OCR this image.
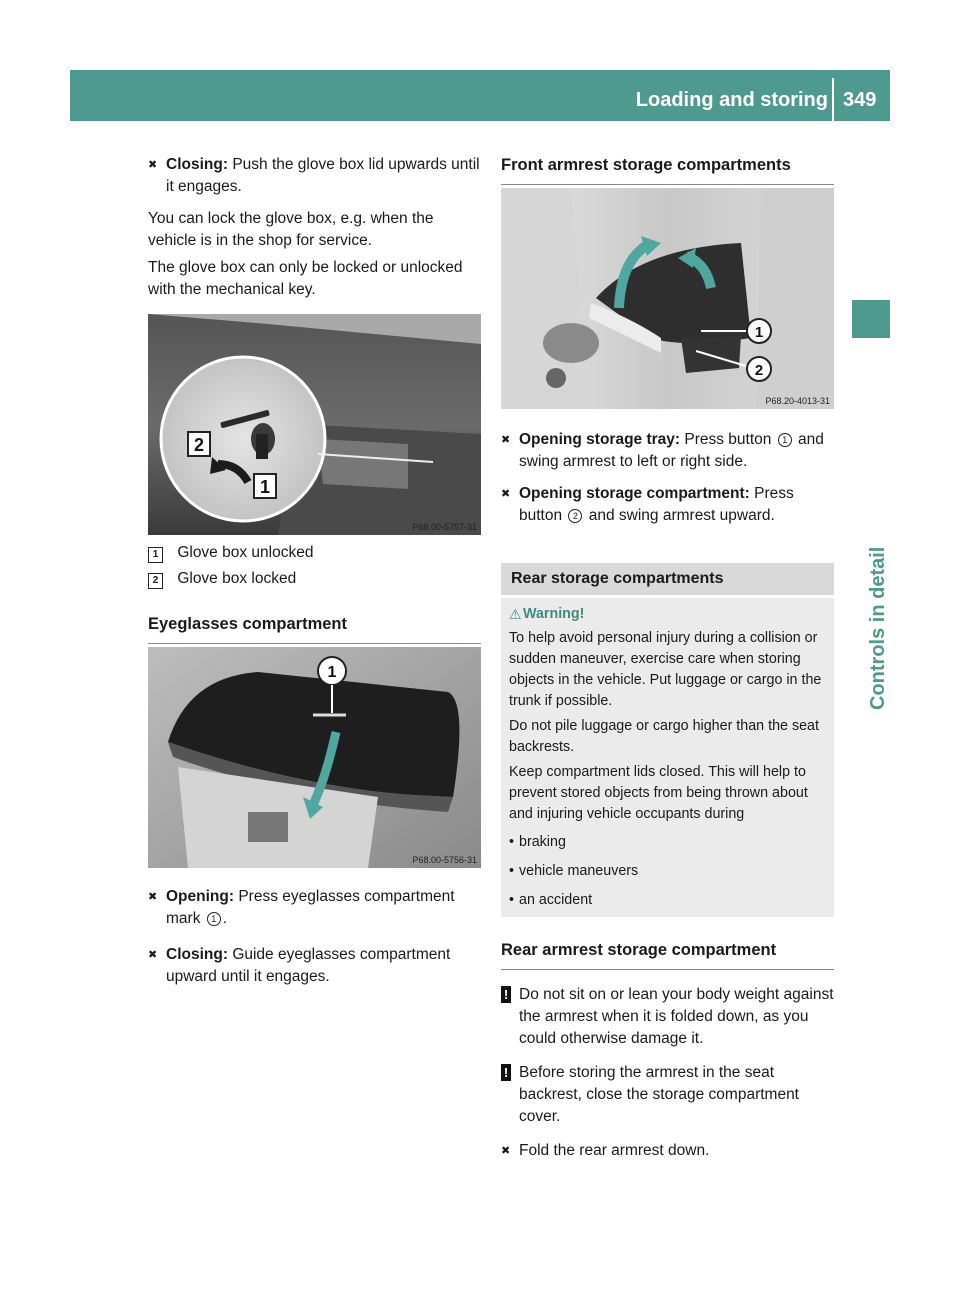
Loading and storing 349
Controls in detail
✖ Closing: Push the glove box lid upwards until it engages.

You can lock the glove box, e.g. when the vehicle is in the shop for service.

The glove box can only be locked or unlocked with the mechanical key.

2
1
P68.00-5757-31
1 Glove box unlocked
2 Glove box locked
Eyeglasses compartment
1
P68.00-5756-31
✖ Opening: Press eyeglasses compartment mark 1 .
✖ Closing: Guide eyeglasses compartment upward until it engages.
Front armrest storage compartments
1
2
P68.20-4013-31
✖ Opening storage tray: Press button 1 and swing armrest to left or right side.
✖ Opening storage compartment: Press button 2 and swing armrest upward.
Rear storage compartments
⚠ Warning!

To help avoid personal injury during a collision or sudden maneuver, exercise care when storing objects in the vehicle. Put luggage or cargo in the trunk if possible.

Do not pile luggage or cargo higher than the seat backrests.

Keep compartment lids closed. This will help to prevent stored objects from being thrown about and injuring vehicle occupants during

• braking

• vehicle maneuvers

• an accident

Rear armrest storage compartment
! Do not sit on or lean your body weight against the armrest when it is folded down, as you could otherwise damage it.
! Before storing the armrest in the seat backrest, close the storage compartment cover.
✖ Fold the rear armrest down.
